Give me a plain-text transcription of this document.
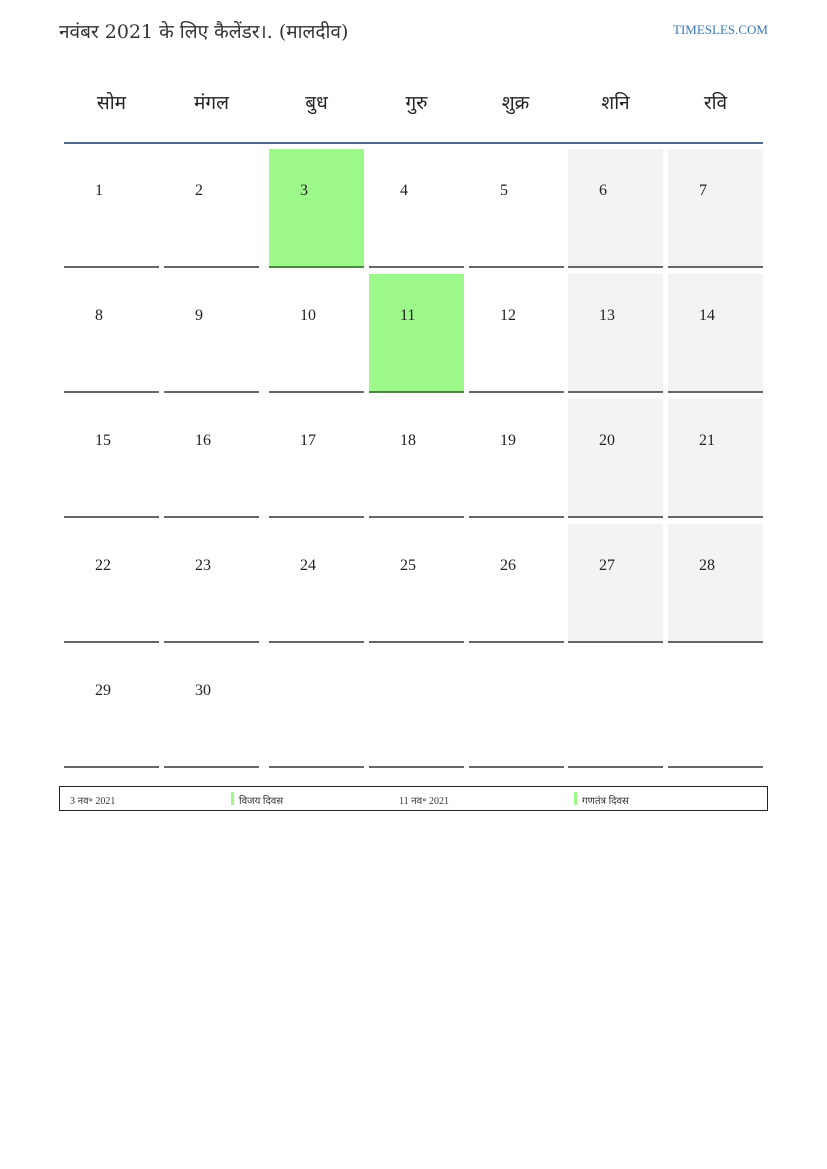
नवंबर 2021 के लिए कैलेंडर।. (मालदीव)	TIMESLES.COM
सोम	मंगल	बुध	गुरु	शुक्र	शनि	रवि
1	2	3	4	5	6	7
8	9	10	11	12	13	14
15	16	17	18	19	20	21
22	23	24	25	26	27	28
29	30
3 नव॰ 2021	विजय दिवस	11 नव॰ 2021	गणतंत्र दिवस
